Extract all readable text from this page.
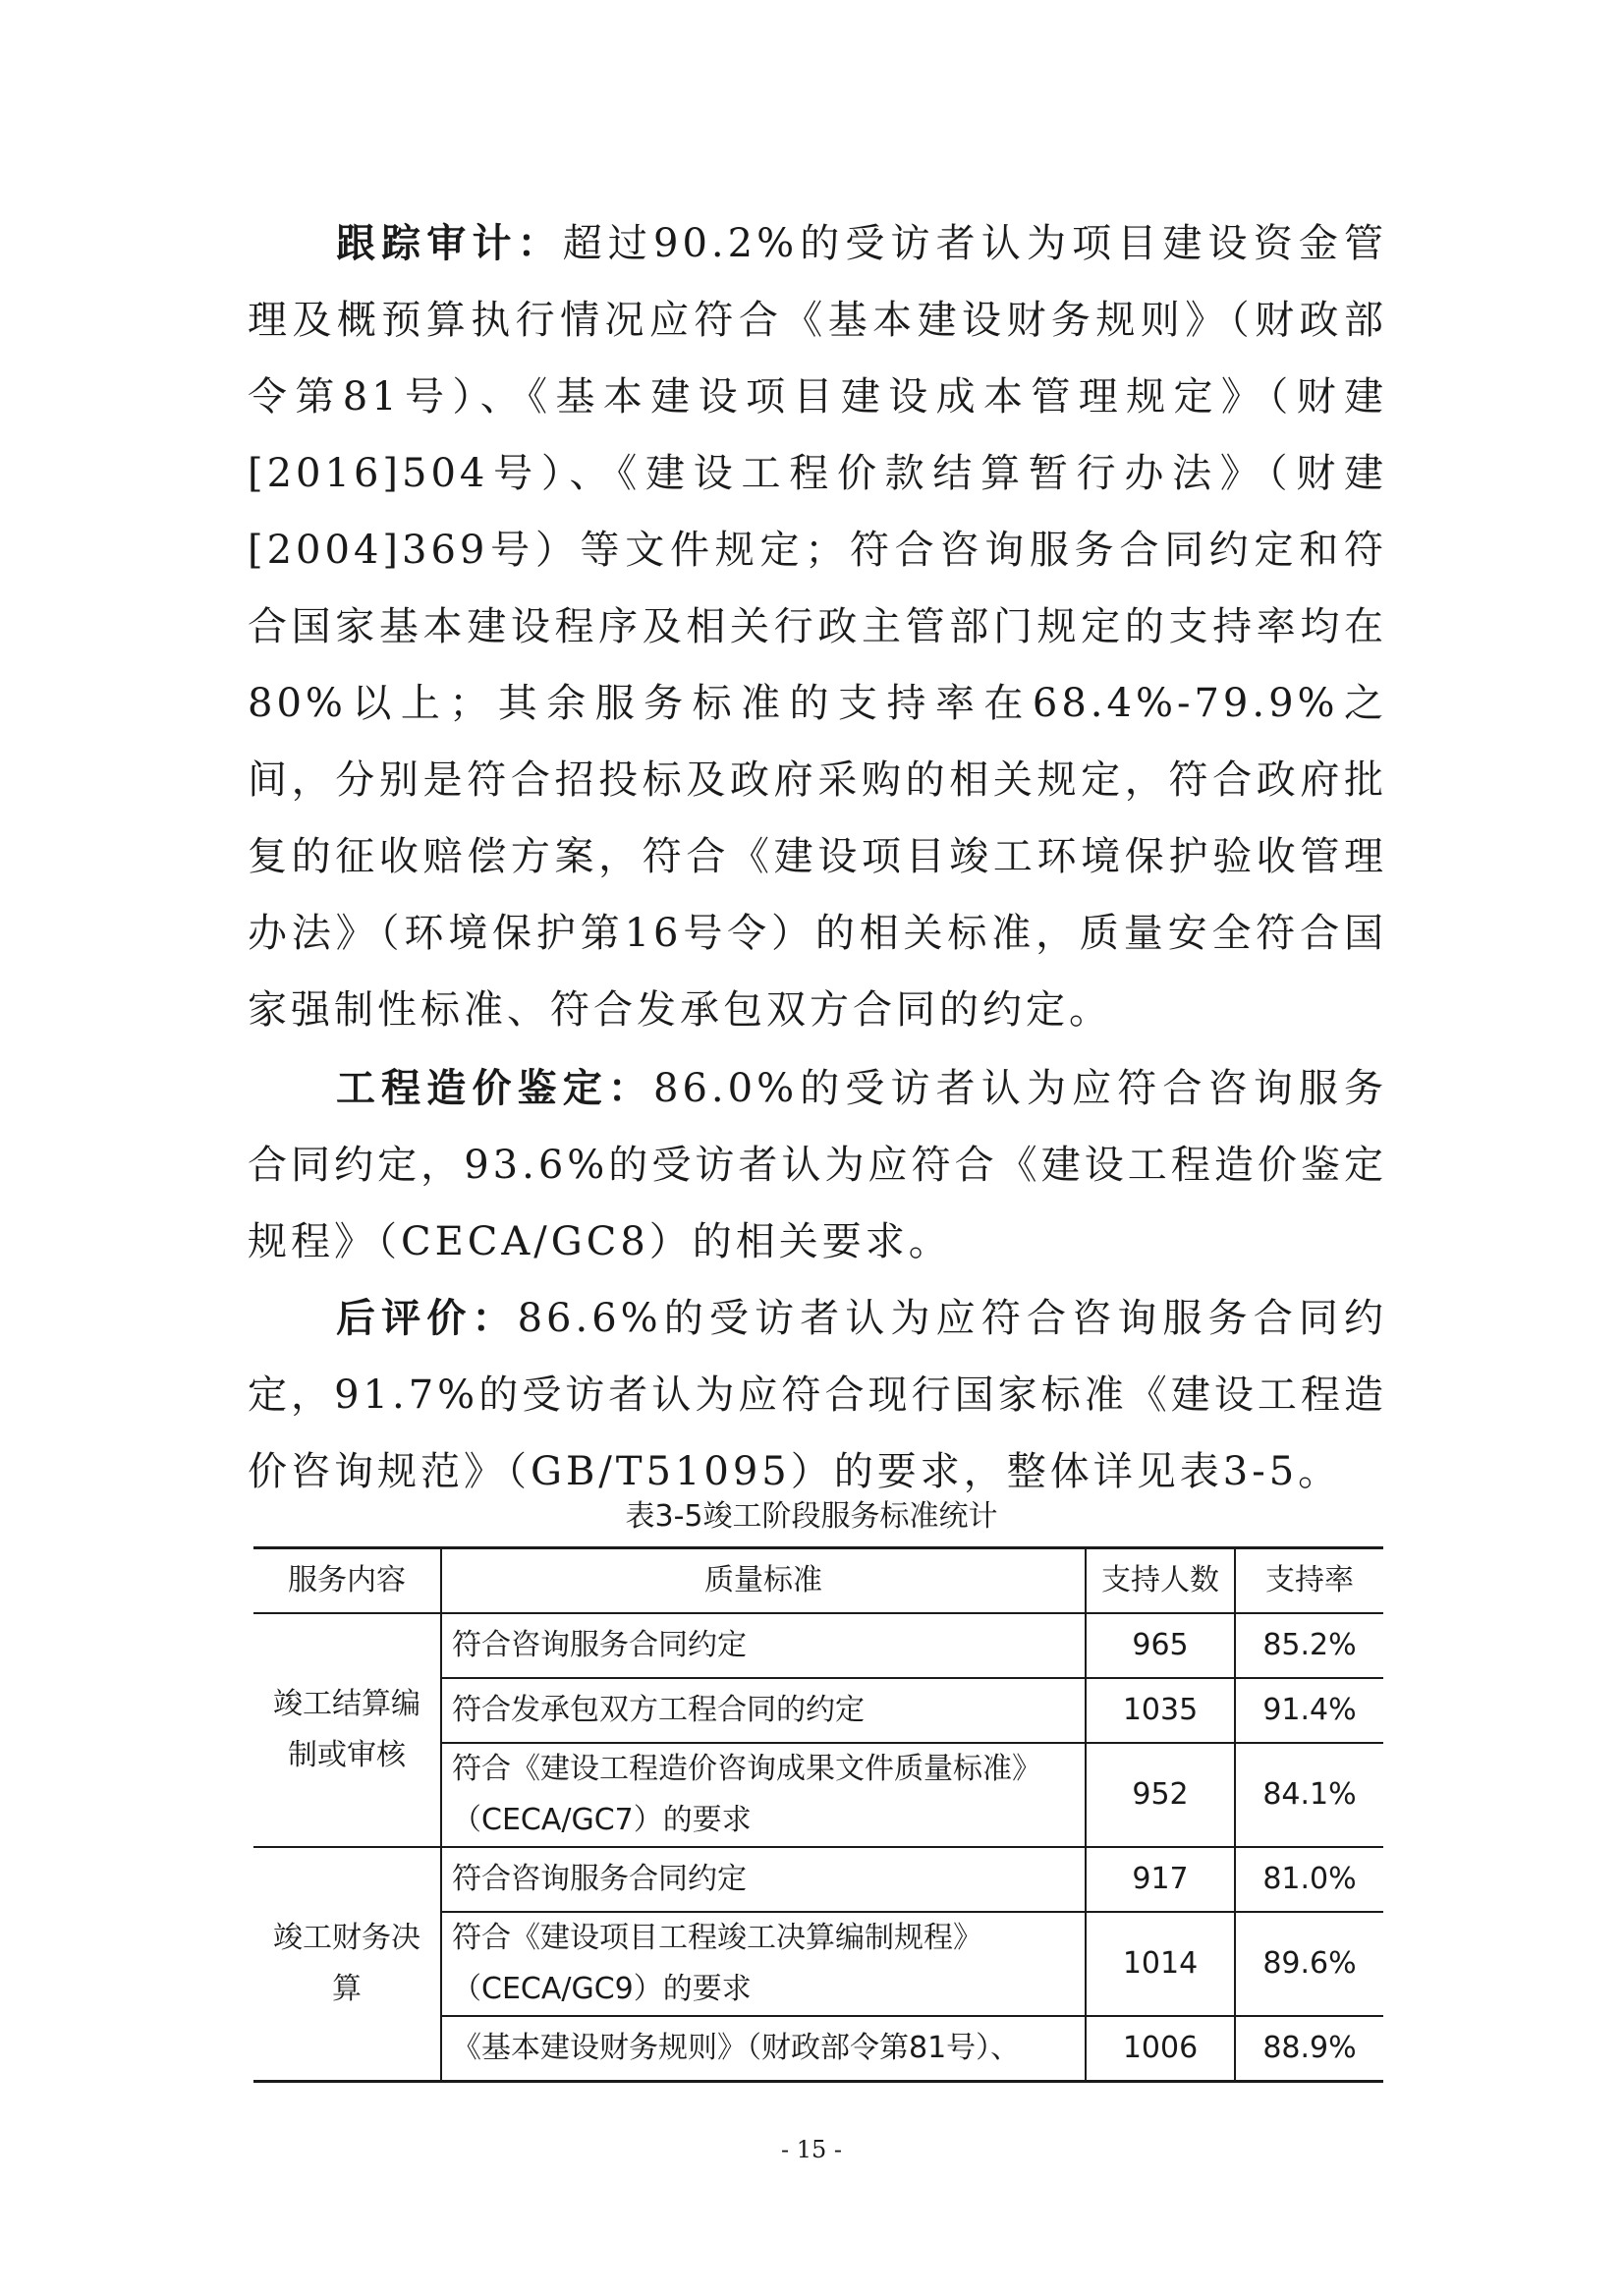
跟踪审计：超过90.2%的受访者认为项目建设资金管理及概预算执行情况应符合《基本建设财务规则》（财政部令第81号）、《基本建设项目建设成本管理规定》（财建[2016]504号）、《建设工程价款结算暂行办法》（财建[2004]369号）等文件规定；符合咨询服务合同约定和符合国家基本建设程序及相关行政主管部门规定的支持率均在80%以上；其余服务标准的支持率在68.4%-79.9%之间，分别是符合招投标及政府采购的相关规定，符合政府批复的征收赔偿方案，符合《建设项目竣工环境保护验收管理办法》（环境保护第16号令）的相关标准，质量安全符合国家强制性标准、符合发承包双方合同的约定。

工程造价鉴定：86.0%的受访者认为应符合咨询服务合同约定，93.6%的受访者认为应符合《建设工程造价鉴定规程》（CECA/GC8）的相关要求。

后评价：86.6%的受访者认为应符合咨询服务合同约定，91.7%的受访者认为应符合现行国家标准《建设工程造价咨询规范》（GB/T51095）的要求，整体详见表3-5。

表3-5竣工阶段服务标准统计
服务内容	质量标准	支持人数	支持率
竣工结算编制或审核	符合咨询服务合同约定	965	85.2%
	符合发承包双方工程合同的约定	1035	91.4%
	符合《建设工程造价咨询成果文件质量标准》（CECA/GC7）的要求	952	84.1%
竣工财务决算	符合咨询服务合同约定	917	81.0%
	符合《建设项目工程竣工决算编制规程》（CECA/GC9）的要求	1014	89.6%
	《基本建设财务规则》（财政部令第81号）、	1006	88.9%
- 15 -
